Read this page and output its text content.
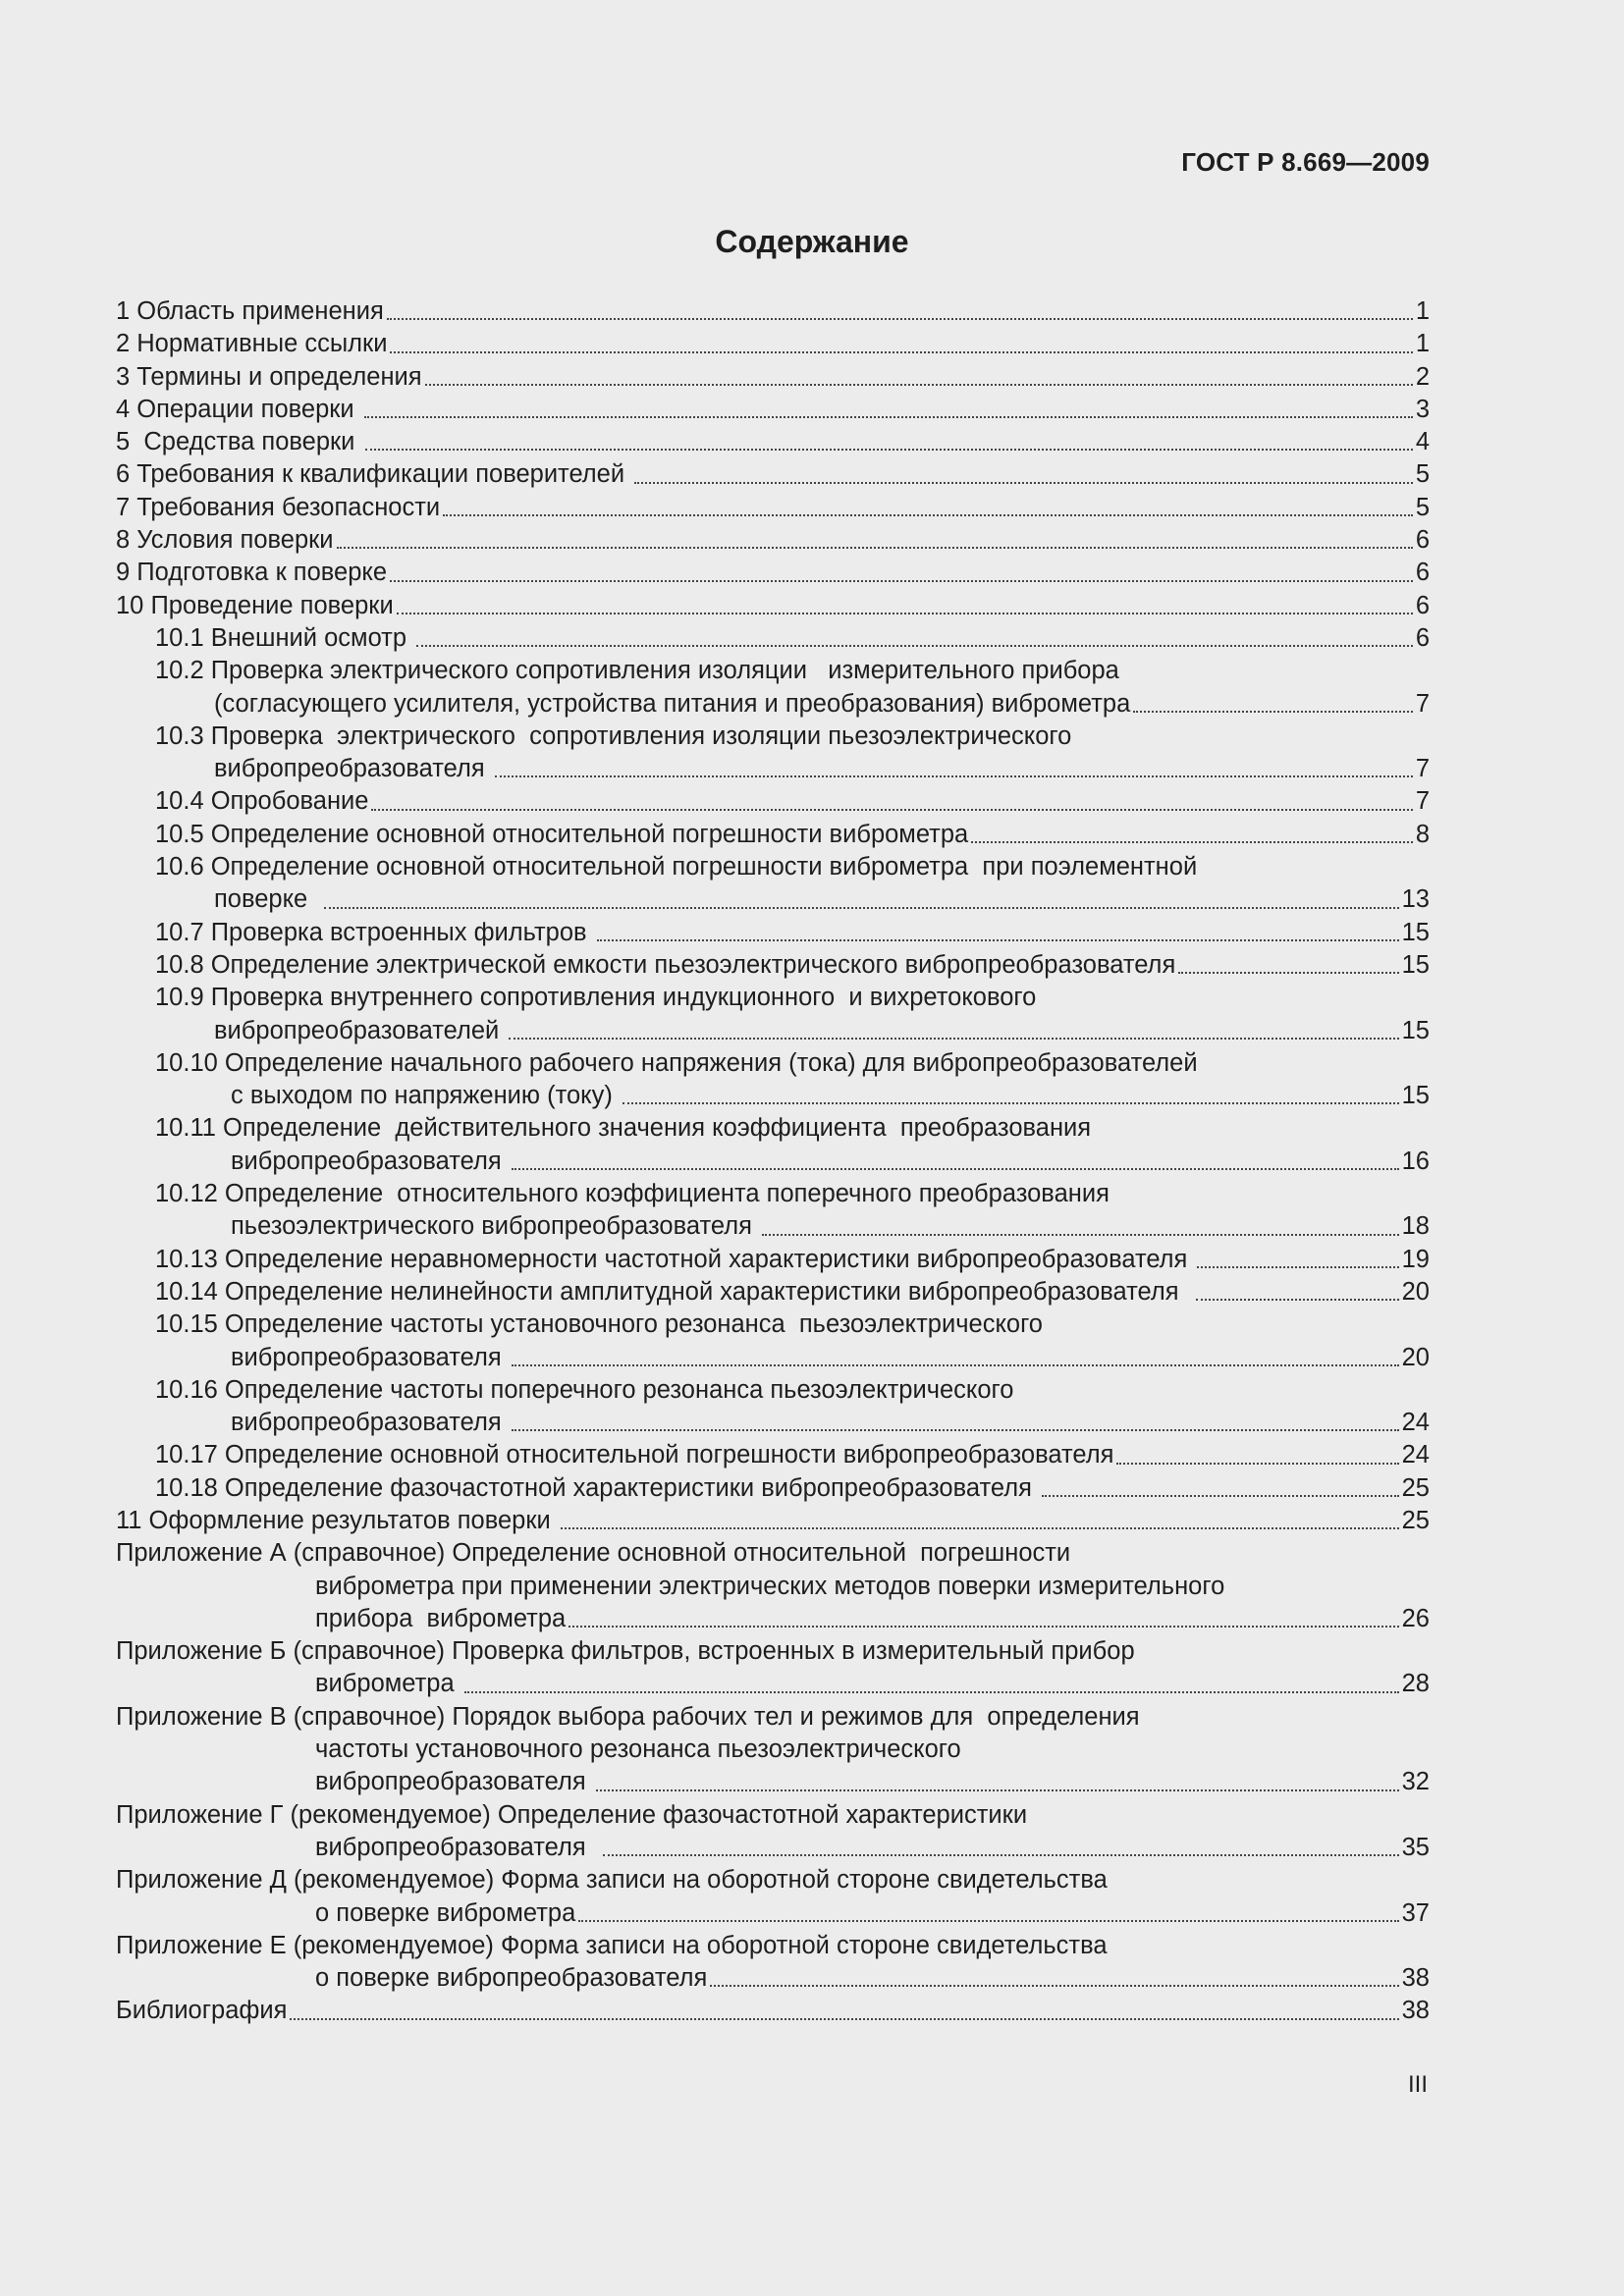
ГОСТ Р 8.669—2009
Содержание
1 Область применения	1
2 Нормативные ссылки	1
3 Термины и определения	2
4 Операции поверки	3
5  Средства поверки	4
6 Требования к квалификации поверителей	5
7 Требования безопасности	5
8 Условия поверки	6
9 Подготовка к поверке	6
10 Проведение поверки	6
10.1 Внешний осмотр	6
10.2 Проверка электрического сопротивления изоляции   измерительного прибора
(согласующего усилителя, устройства питания и преобразования) виброметра	7
10.3 Проверка  электрического  сопротивления изоляции пьезоэлектрического
вибропреобразователя	7
10.4 Опробование	7
10.5 Определение основной относительной погрешности виброметра	8
10.6 Определение основной относительной погрешности виброметра  при поэлементной
поверке	13
10.7 Проверка встроенных фильтров	15
10.8 Определение электрической емкости пьезоэлектрического вибропреобразователя	15
10.9 Проверка внутреннего сопротивления индукционного  и вихретокового
вибропреобразователей	15
10.10 Определение начального рабочего напряжения (тока) для вибропреобразователей
с выходом по напряжению (току)	15
10.11 Определение  действительного значения коэффициента  преобразования
вибропреобразователя	16
10.12 Определение  относительного коэффициента поперечного преобразования
пьезоэлектрического вибропреобразователя	18
10.13 Определение неравномерности частотной характеристики вибропреобразователя	19
10.14 Определение нелинейности амплитудной характеристики вибропреобразователя	20
10.15 Определение частоты установочного резонанса  пьезоэлектрического
вибропреобразователя	20
10.16 Определение частоты поперечного резонанса пьезоэлектрического
вибропреобразователя	24
10.17 Определение основной относительной погрешности вибропреобразователя	24
10.18 Определение фазочастотной характеристики вибропреобразователя	25
11 Оформление результатов поверки	25
Приложение А (справочное) Определение основной относительной  погрешности
виброметра при применении электрических методов поверки измерительного
прибора  виброметра	26
Приложение Б (справочное) Проверка фильтров, встроенных в измерительный прибор
виброметра	28
Приложение В (справочное) Порядок выбора рабочих тел и режимов для  определения
частоты установочного резонанса пьезоэлектрического
вибропреобразователя	32
Приложение Г (рекомендуемое) Определение фазочастотной характеристики
вибропреобразователя	35
Приложение Д (рекомендуемое) Форма записи на оборотной стороне свидетельства
о поверке виброметра	37
Приложение Е (рекомендуемое) Форма записи на оборотной стороне свидетельства
о поверке вибропреобразователя	38
Библиография	38
III
